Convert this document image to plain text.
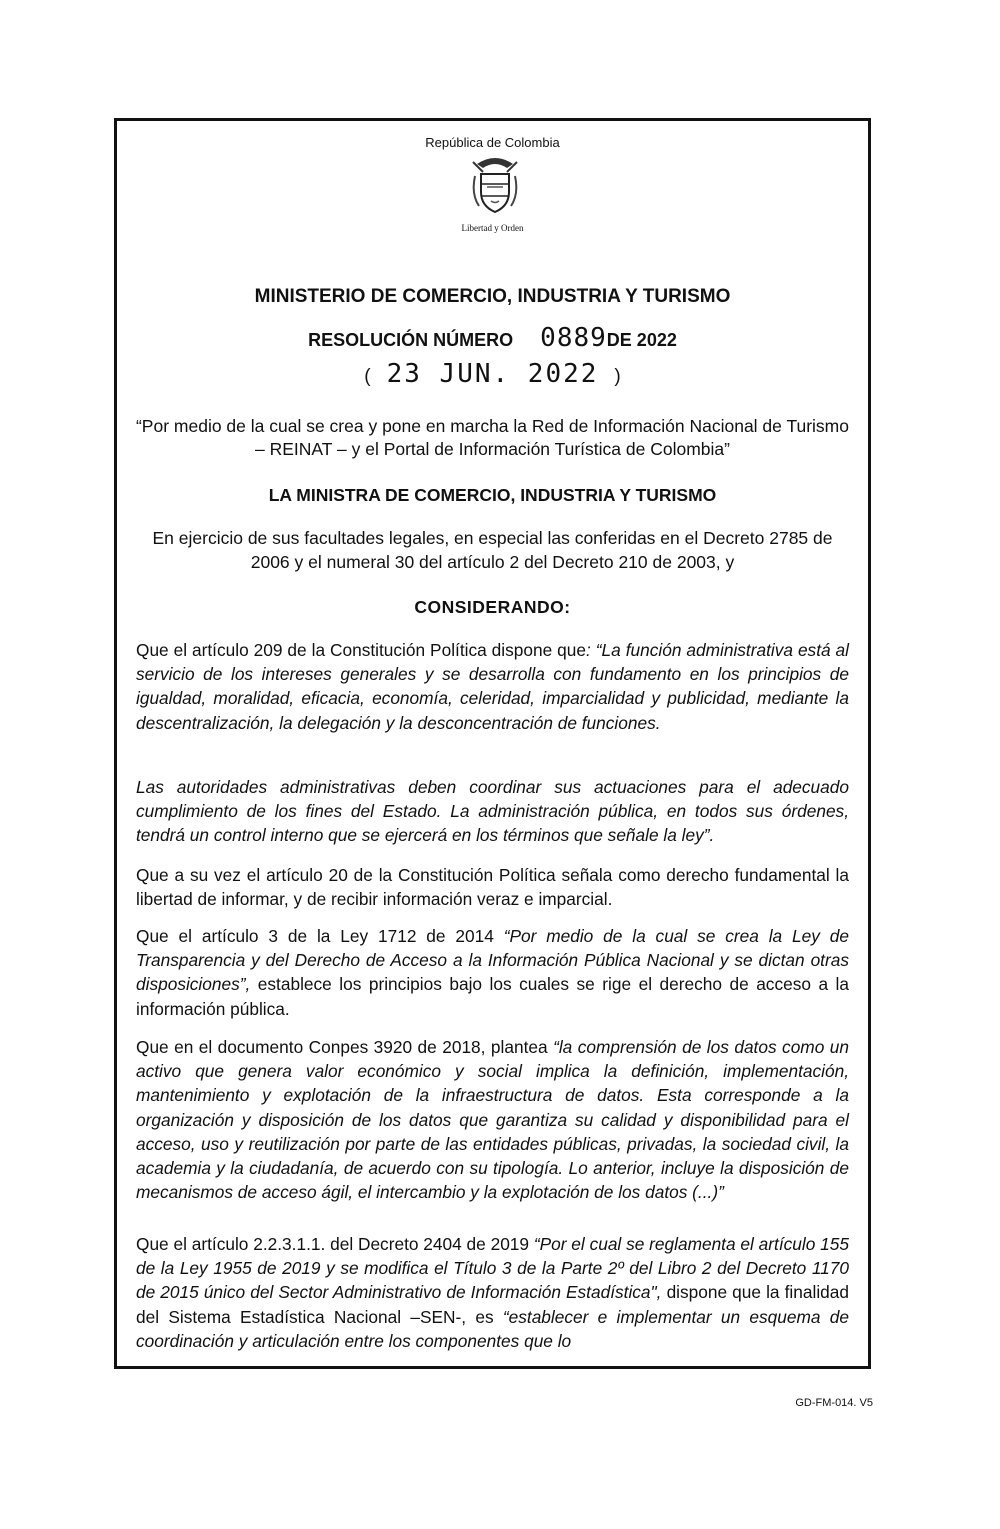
República de Colombia
Libertad y Orden
MINISTERIO DE COMERCIO, INDUSTRIA Y TURISMO
RESOLUCIÓN NÚMERO 0889DE 2022
( 23 JUN. 2022 )
“Por medio de la cual se crea y pone en marcha la Red de Información Nacional de Turismo – REINAT – y el Portal de Información Turística de Colombia”
LA MINISTRA DE COMERCIO, INDUSTRIA Y TURISMO
En ejercicio de sus facultades legales, en especial las conferidas en el Decreto 2785 de 2006 y el numeral 30 del artículo 2 del Decreto 210 de 2003, y
CONSIDERANDO:
Que el artículo 209 de la Constitución Política dispone que: “La función administrativa está al servicio de los intereses generales y se desarrolla con fundamento en los principios de igualdad, moralidad, eficacia, economía, celeridad, imparcialidad y publicidad, mediante la descentralización, la delegación y la desconcentración de funciones.
Las autoridades administrativas deben coordinar sus actuaciones para el adecuado cumplimiento de los fines del Estado. La administración pública, en todos sus órdenes, tendrá un control interno que se ejercerá en los términos que señale la ley”.
Que a su vez el artículo 20 de la Constitución Política señala como derecho fundamental la libertad de informar, y de recibir información veraz e imparcial.
Que el artículo 3 de la Ley 1712 de 2014 “Por medio de la cual se crea la Ley de Transparencia y del Derecho de Acceso a la Información Pública Nacional y se dictan otras disposiciones”, establece los principios bajo los cuales se rige el derecho de acceso a la información pública.
Que en el documento Conpes 3920 de 2018, plantea “la comprensión de los datos como un activo que genera valor económico y social implica la definición, implementación, mantenimiento y explotación de la infraestructura de datos. Esta corresponde a la organización y disposición de los datos que garantiza su calidad y disponibilidad para el acceso, uso y reutilización por parte de las entidades públicas, privadas, la sociedad civil, la academia y la ciudadanía, de acuerdo con su tipología. Lo anterior, incluye la disposición de mecanismos de acceso ágil, el intercambio y la explotación de los datos (...)”
Que el artículo 2.2.3.1.1. del Decreto 2404 de 2019 “Por el cual se reglamenta el artículo 155 de la Ley 1955 de 2019 y se modifica el Título 3 de la Parte 2º del Libro 2 del Decreto 1170 de 2015 único del Sector Administrativo de Información Estadística", dispone que la finalidad del Sistema Estadística Nacional –SEN-, es “establecer e implementar un esquema de coordinación y articulación entre los componentes que lo
GD-FM-014. V5
